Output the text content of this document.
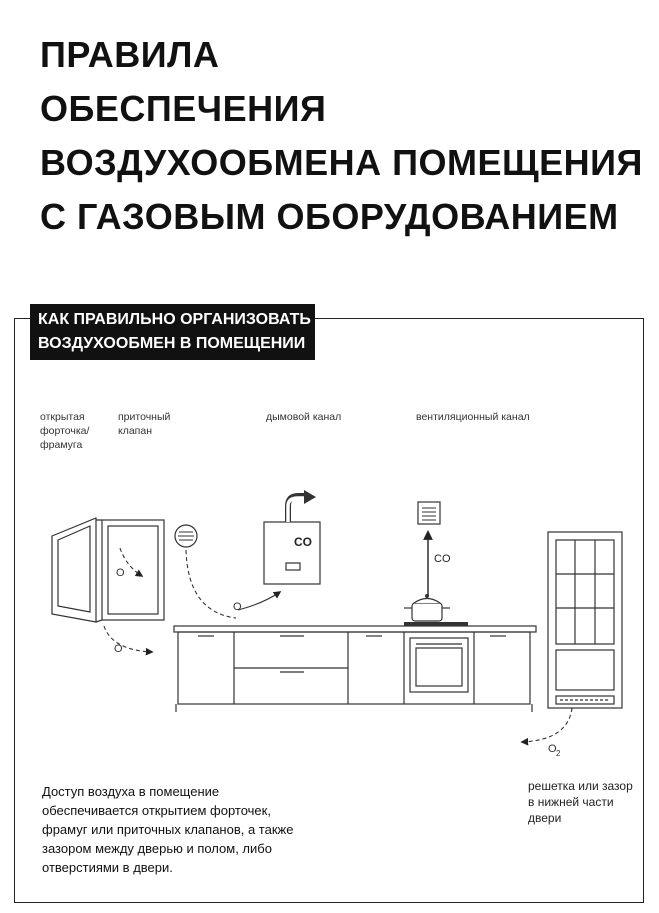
ПРАВИЛА
ОБЕСПЕЧЕНИЯ
ВОЗДУХООБМЕНА ПОМЕЩЕНИЯ
С ГАЗОВЫМ ОБОРУДОВАНИЕМ
КАК ПРАВИЛЬНО ОРГАНИЗОВАТЬ
ВОЗДУХООБМЕН В ПОМЕЩЕНИИ
открытая
форточка/
фрамуга
приточный
клапан
дымовой канал	вентиляционный канал
CO
CO
O
O
O
O 2
Доступ воздуха в помещение
обеспечивается открытием форточек,
фрамуг или приточных клапанов, а также
зазором между дверью и полом, либо
отверстиями в двери.
решетка или зазор
в нижней части
двери
